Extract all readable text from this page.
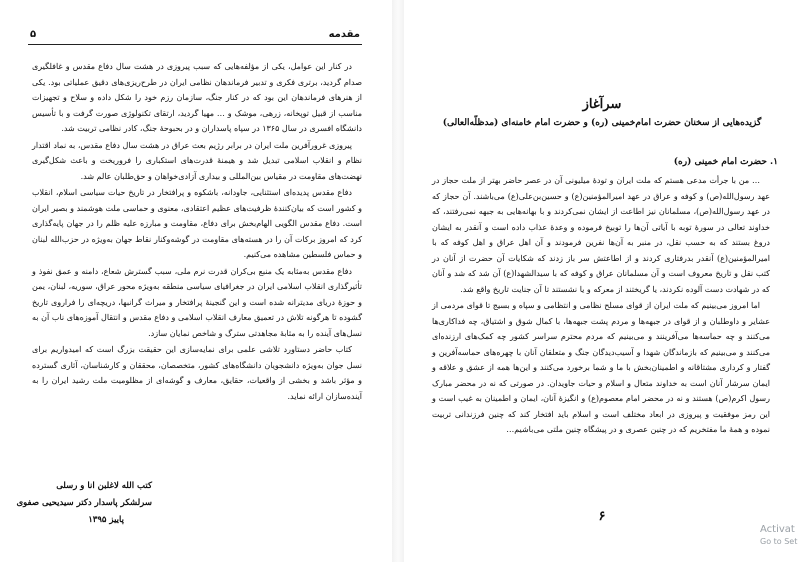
مقدمه
۵

در کنار این عوامل، یکی از مؤلفه‌هایی که سبب پیروزی در هشت سال دفاع مقدس و غافلگیری صدام گردید، برتری فکری و تدبیر فرماندهان نظامی ایران در طرح‌ریزی‌های دقیق عملیاتی بود. یکی از هنرهای فرماندهان این بود که در کنار جنگ، سازمان رزم خود را شکل داده و سلاح و تجهیزات مناسب از قبیل توپخانه، زرهی، موشک و … مهیا گردید، ارتقای تکنولوژی صورت گرفت و با تأسیس دانشگاه افسری در سال ۱۳۶۵ در سپاه پاسداران و در بحبوحهٔ جنگ، کادر نظامی تربیت شد.

پیروزی غرورآفرین ملت ایران در برابر رژیم بعث عراق در هشت سال دفاع مقدس، به نماد اقتدار نظام و انقلاب اسلامی تبدیل شد و هیمنهٔ قدرت‌های استکباری را فروریخت و باعث شکل‌گیری نهضت‌های مقاومت در مقیاس بین‌المللی و بیداری آزادی‌خواهان و حق‌طلبان عالم شد.

دفاع مقدس پدیده‌ای استثنایی، جاودانه، باشکوه و پرافتخار در تاریخ حیات سیاسی اسلام، انقلاب و کشور است که بیان‌کنندهٔ ظرفیت‌های عظیم اعتقادی، معنوی و حماسی ملت هوشمند و بصیر ایران است. دفاع مقدس الگویی الهام‌بخش برای دفاع، مقاومت و مبارزه علیه ظلم را در جهان پایه‌گذاری کرد که امروز برکات آن را در هسته‌های مقاومت در گوشه‌وکنار نقاط جهان به‌ویژه در حزب‌الله لبنان و حماس فلسطین مشاهده می‌کنیم.

دفاع مقدس به‌مثابه یک منبع بی‌کران قدرت نرم ملی، سبب گسترش شعاع، دامنه و عمق نفوذ و تأثیرگذاری انقلاب اسلامی ایران در جغرافیای سیاسی منطقه به‌ویژه محور عراق، سوریه، لبنان، یمن و حوزهٔ دریای مدیترانه شده است و این گنجینهٔ پرافتخار و میراث گرانبها، دریچه‌ای را فراروی تاریخ گشوده تا هرگونه تلاش در تعمیق معارف انقلاب اسلامی و دفاع مقدس و انتقال آموزه‌های ناب آن به نسل‌های آینده را به مثابهٔ مجاهدتی سترگ و شاخص نمایان سازد.

کتاب حاضر دستاورد تلاشی علمی برای نمایه‌سازی این حقیقت بزرگ است که امیدواریم برای نسل جوان به‌ویژه دانشجویان دانشگاه‌های کشور، متخصصان، محققان و کارشناسان، آثاری گسترده و مؤثر باشد و بخشی از واقعیات، حقایق، معارف و گوشه‌ای از مظلومیت ملت رشید ایران را به آینده‌سازان ارائه نماید.

کتب الله لاغلبن انا و رسلی
سرلشکر پاسدار دکتر سیدیحیی صفوی
پاییز ۱۳۹۵
سرآغاز
گزیده‌هایی از سخنان حضرت امام‌خمینی (ره) و حضرت امام خامنه‌ای (مدظلّه‌العالی)
۱. حضرت امام خمینی (ره)

… من با جرأت مدعی هستم که ملت ایران و تودهٔ میلیونی آن در عصر حاضر بهتر از ملت حجاز در عهد رسول‌الله(ص) و کوفه و عراق در عهد امیرالمؤمنین(ع) و حسین‌بن‌علی(ع) می‌باشند. آن حجاز که در عهد رسول‌الله(ص)، مسلمانان نیز اطاعت از ایشان نمی‌کردند و با بهانه‌هایی به جبهه نمی‌رفتند، که خداوند تعالی در سورهٔ توبه با آیاتی آن‌ها را توبیخ فرموده و وعدهٔ عذاب داده است و آنقدر به ایشان دروغ بستند که به حسب نقل، در منبر به آن‌ها نفرین فرمودند و آن اهل عراق و اهل کوفه که با امیرالمؤمنین(ع) آنقدر بدرفتاری کردند و از اطاعتش سر باز زدند که شکایات آن حضرت از آنان در کتب نقل و تاریخ معروف است و آن مسلمانان عراق و کوفه که با سیدالشهدا(ع) آن شد که شد و آنان که در شهادت دست آلوده نکردند، یا گریختند از معرکه و یا نشستند تا آن جنایت تاریخ واقع شد.

اما امروز می‌بینیم که ملت ایران از قوای مسلح نظامی و انتظامی و سپاه و بسیج تا قوای مردمی از عشایر و داوطلبان و از قوای در جبهه‌ها و مردم پشت جبهه‌ها، با کمال شوق و اشتیاق، چه فداکاری‌ها می‌کنند و چه حماسه‌ها می‌آفرینند و می‌بینیم که مردم محترم سراسر کشور چه کمک‌های ارزنده‌ای می‌کنند و می‌بینیم که بازماندگان شهدا و آسیب‌دیدگان جنگ و متعلقان آنان با چهره‌های حماسه‌آفرین و گفتار و کرداری مشتاقانه و اطمینان‌بخش با ما و شما برخورد می‌کنند و این‌ها همه از عشق و علاقه و ایمان سرشار آنان است به خداوند متعال و اسلام و حیات جاویدان. در صورتی که نه در محضر مبارک رسول اکرم(ص) هستند و نه در محضر امام معصوم(ع) و انگیزهٔ آنان، ایمان و اطمینان به غیب است و این رمز موفقیت و پیروزی در ابعاد مختلف است و اسلام باید افتخار کند که چنین فرزندانی تربیت نموده و همهٔ ما مفتخریم که در چنین عصری و در پیشگاه چنین ملتی می‌باشیم…

۶
Activat
Go to Set
